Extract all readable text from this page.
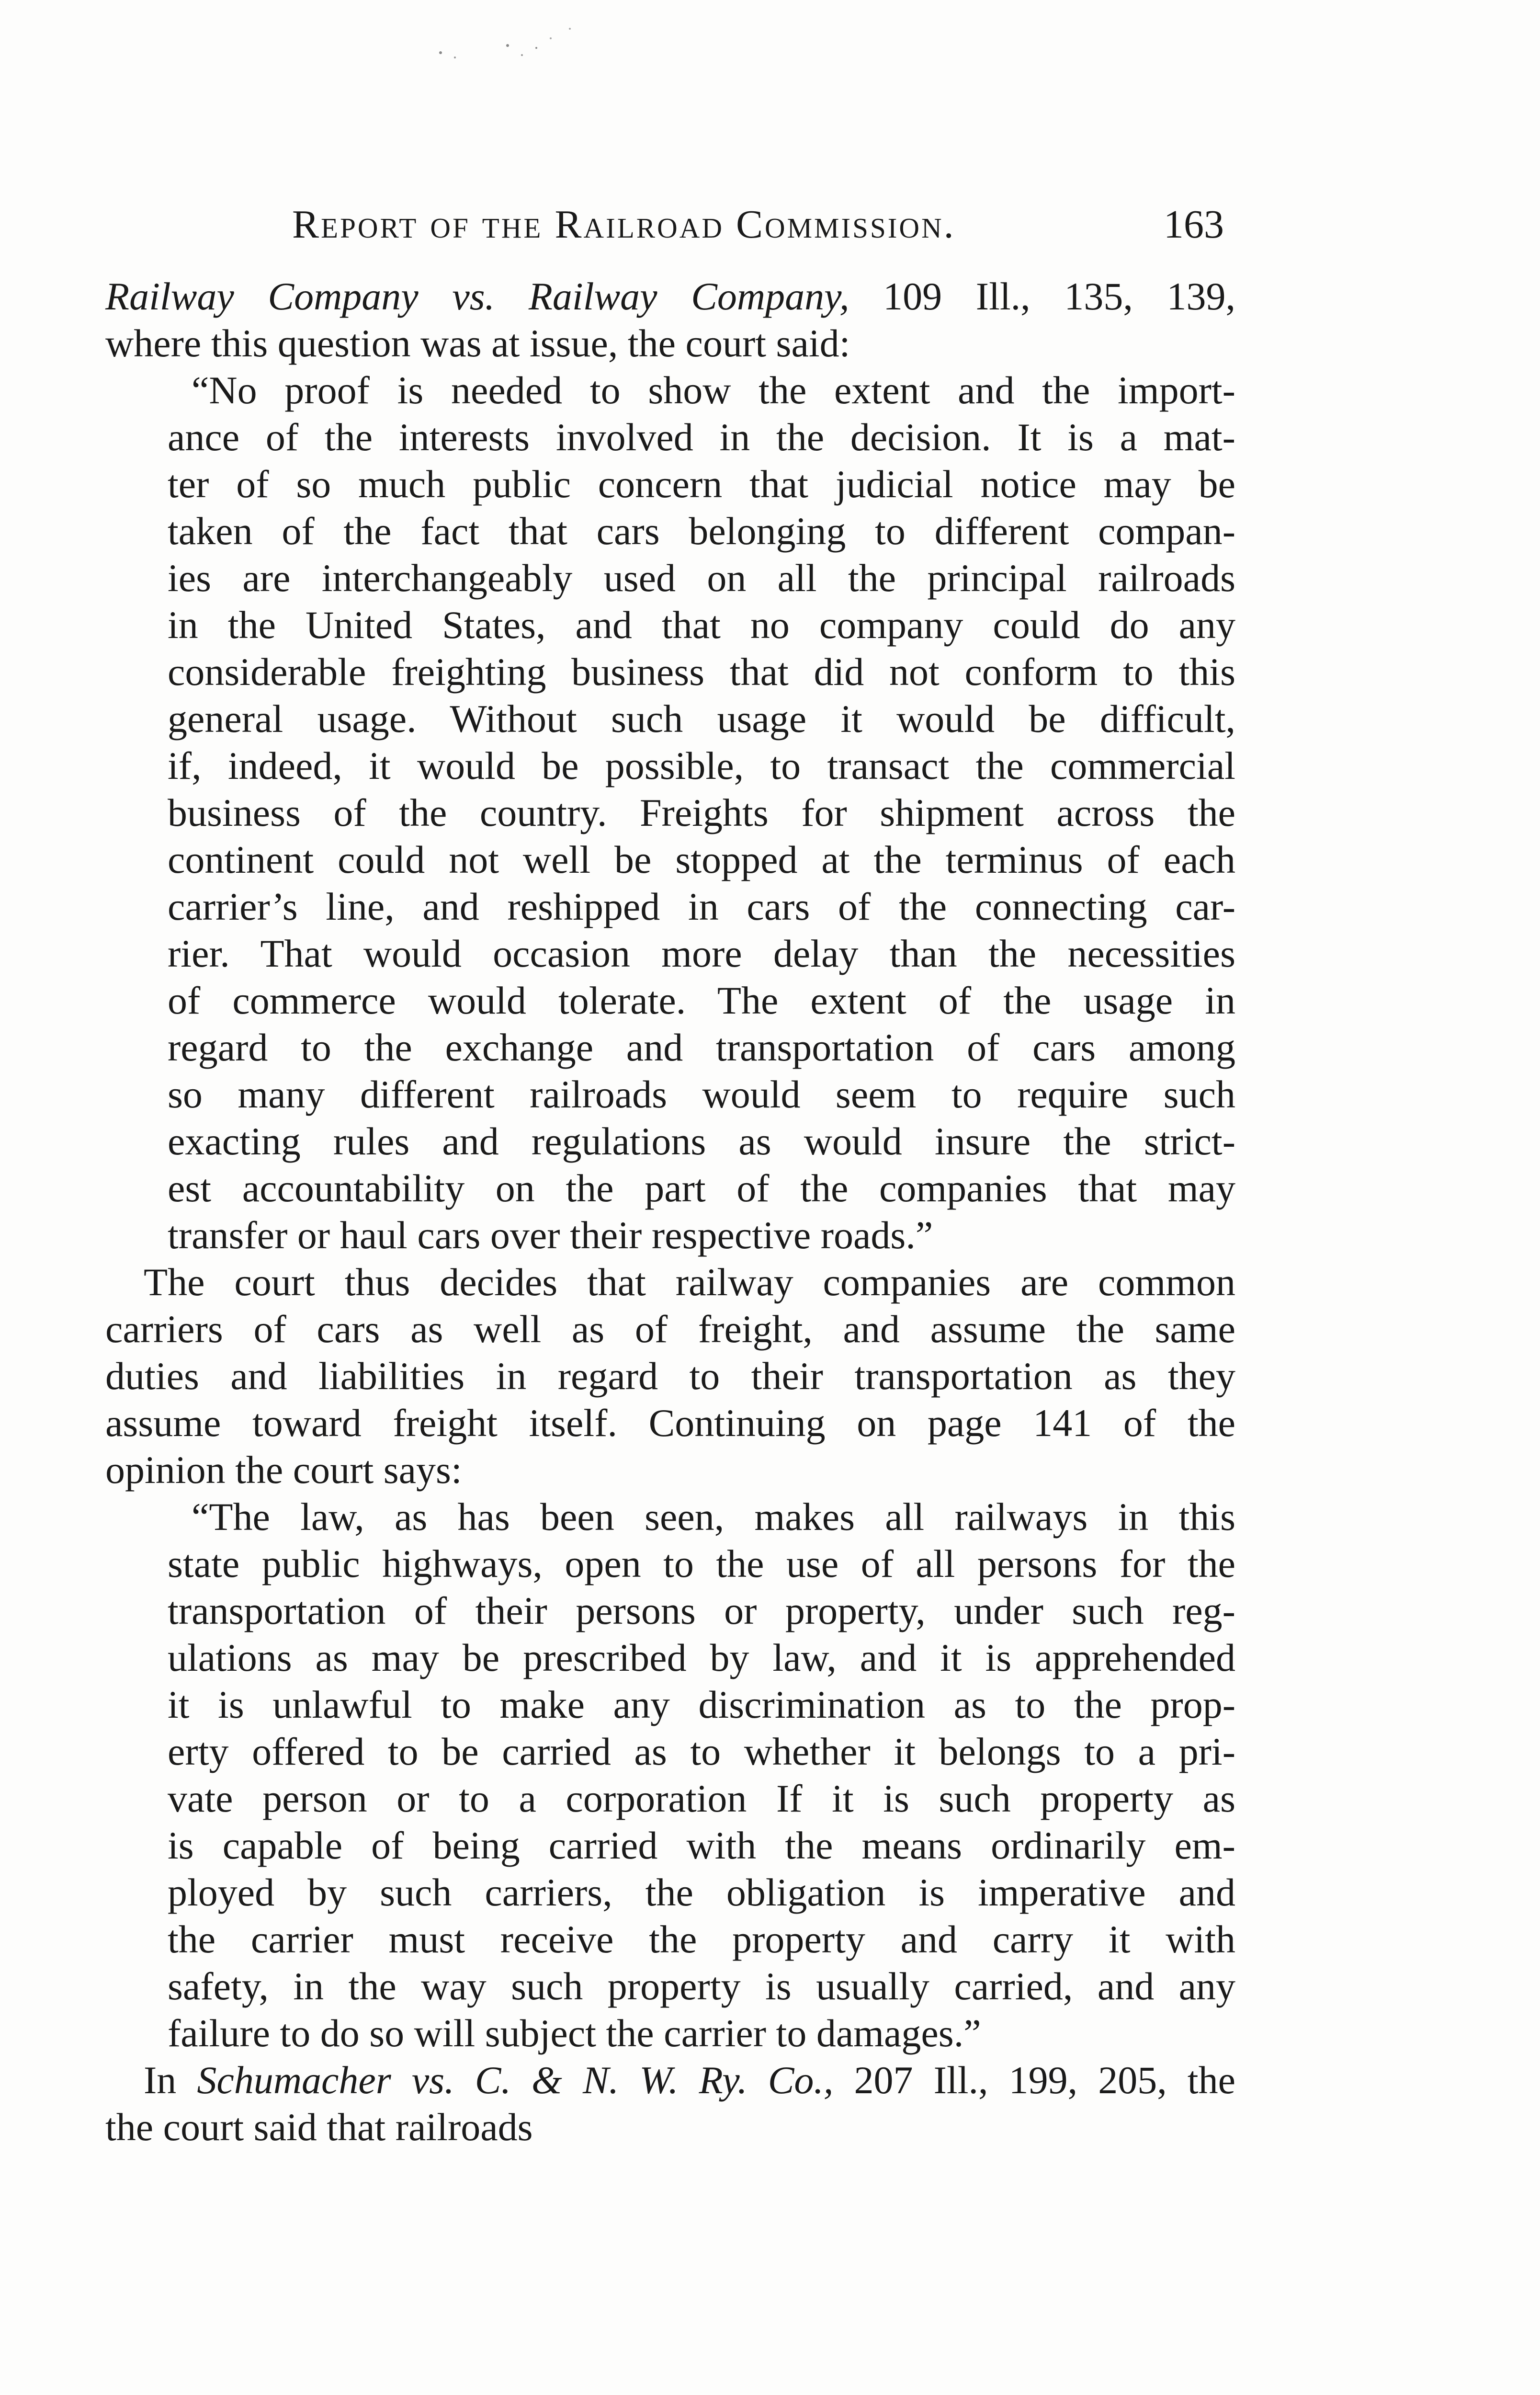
Report of the Railroad Commission.	163
Railway Company vs. Railway Company, 109 Ill., 135, 139,
where this question was at issue, the court said:
“No proof is needed to show the extent and the import-
ance of the interests involved in the decision. It is a mat-
ter of so much public concern that judicial notice may be
taken of the fact that cars belonging to different compan-
ies are interchangeably used on all the principal railroads
in the United States, and that no company could do any
considerable freighting business that did not conform to this
general usage. Without such usage it would be difficult,
if, indeed, it would be possible, to transact the commercial
business of the country. Freights for shipment across the
continent could not well be stopped at the terminus of each
carrier’s line, and reshipped in cars of the connecting car-
rier. That would occasion more delay than the necessities
of commerce would tolerate. The extent of the usage in
regard to the exchange and transportation of cars among
so many different railroads would seem to require such
exacting rules and regulations as would insure the strict-
est accountability on the part of the companies that may
transfer or haul cars over their respective roads.”
The court thus decides that railway companies are common
carriers of cars as well as of freight, and assume the same
duties and liabilities in regard to their transportation as they
assume toward freight itself. Continuing on page 141 of the
opinion the court says:
“The law, as has been seen, makes all railways in this
state public highways, open to the use of all persons for the
transportation of their persons or property, under such reg-
ulations as may be prescribed by law, and it is apprehended
it is unlawful to make any discrimination as to the prop-
erty offered to be carried as to whether it belongs to a pri-
vate person or to a corporation If it is such property as
is capable of being carried with the means ordinarily em-
ployed by such carriers, the obligation is imperative and
the carrier must receive the property and carry it with
safety, in the way such property is usually carried, and any
failure to do so will subject the carrier to damages.”
In Schumacher vs. C. & N. W. Ry. Co., 207 Ill., 199, 205, the
the court said that railroads
